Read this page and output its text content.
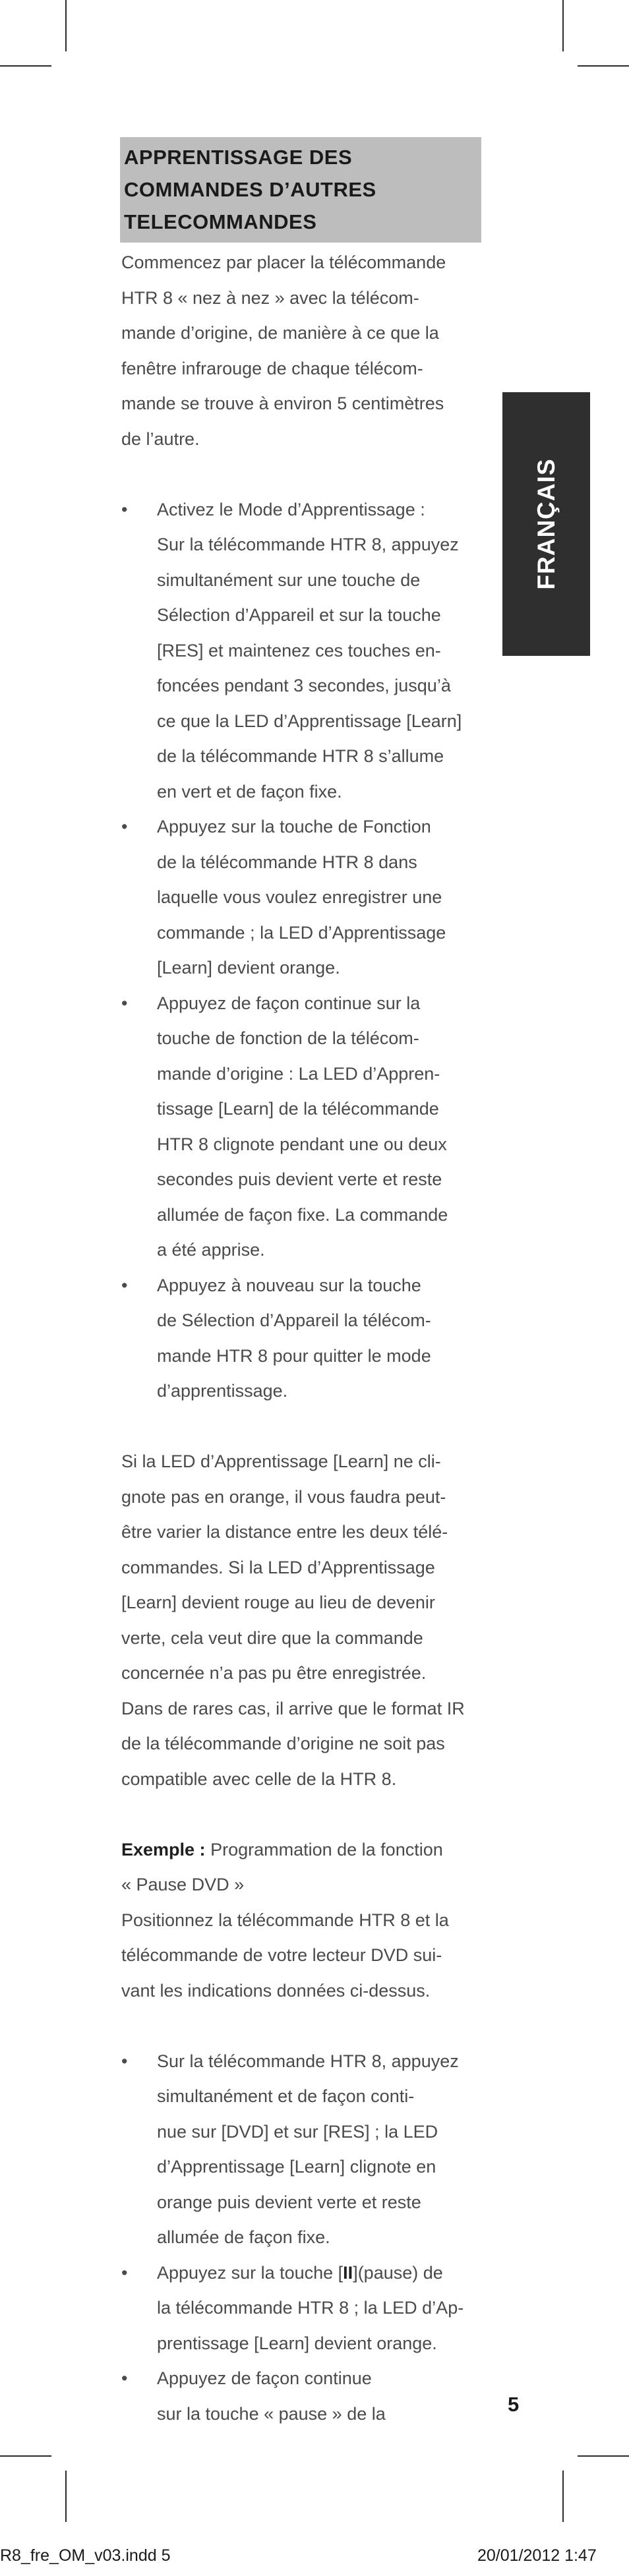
APPRENTISSAGE DES
COMMANDES D’AUTRES
TELECOMMANDES
FRANÇAIS
Commencez par placer la télécommande
HTR 8 « nez à nez » avec la télécom-
mande d’origine, de manière à ce que la
fenêtre infrarouge de chaque télécom-
mande se trouve à environ 5 centimètres
de l’autre.
• Activez le Mode d’Apprentissage :
Sur la télécommande HTR 8, appuyez
simultanément sur une touche de
Sélection d’Appareil et sur la touche
[RES] et maintenez ces touches en-
foncées pendant 3 secondes, jusqu’à
ce que la LED d’Apprentissage [Learn]
de la télécommande HTR 8 s’allume
en vert et de façon fixe.
• Appuyez sur la touche de Fonction
de la télécommande HTR 8 dans
laquelle vous voulez enregistrer une
commande ; la LED d’Apprentissage
[Learn] devient orange.
• Appuyez de façon continue sur la
touche de fonction de la télécom-
mande d’origine : La LED d’Appren-
tissage [Learn] de la télécommande
HTR 8 clignote pendant une ou deux
secondes puis devient verte et reste
allumée de façon fixe. La commande
a été apprise.
• Appuyez à nouveau sur la touche
de Sélection d’Appareil la télécom-
mande HTR 8 pour quitter le mode
d’apprentissage.
Si la LED d’Apprentissage [Learn] ne cli-
gnote pas en orange, il vous faudra peut-
être varier la distance entre les deux télé-
commandes. Si la LED d’Apprentissage
[Learn] devient rouge au lieu de devenir
verte, cela veut dire que la commande
concernée n’a pas pu être enregistrée.
Dans de rares cas, il arrive que le format IR
de la télécommande d’origine ne soit pas
compatible avec celle de la HTR 8.
Exemple : Programmation de la fonction
« Pause DVD »
Positionnez la télécommande HTR 8 et la
télécommande de votre lecteur DVD sui-
vant les indications données ci-dessus.
• Sur la télécommande HTR 8, appuyez
simultanément et de façon conti-
nue sur [DVD] et sur [RES] ; la LED
d’Apprentissage [Learn] clignote en
orange puis devient verte et reste
allumée de façon fixe.
• Appuyez sur la touche [II](pause) de
la télécommande HTR 8 ; la LED d’Ap-
prentissage [Learn] devient orange.
• Appuyez de façon continue
sur la touche « pause » de la	5
R8_fre_OM_v03.indd 5	20/01/2012 1:47
